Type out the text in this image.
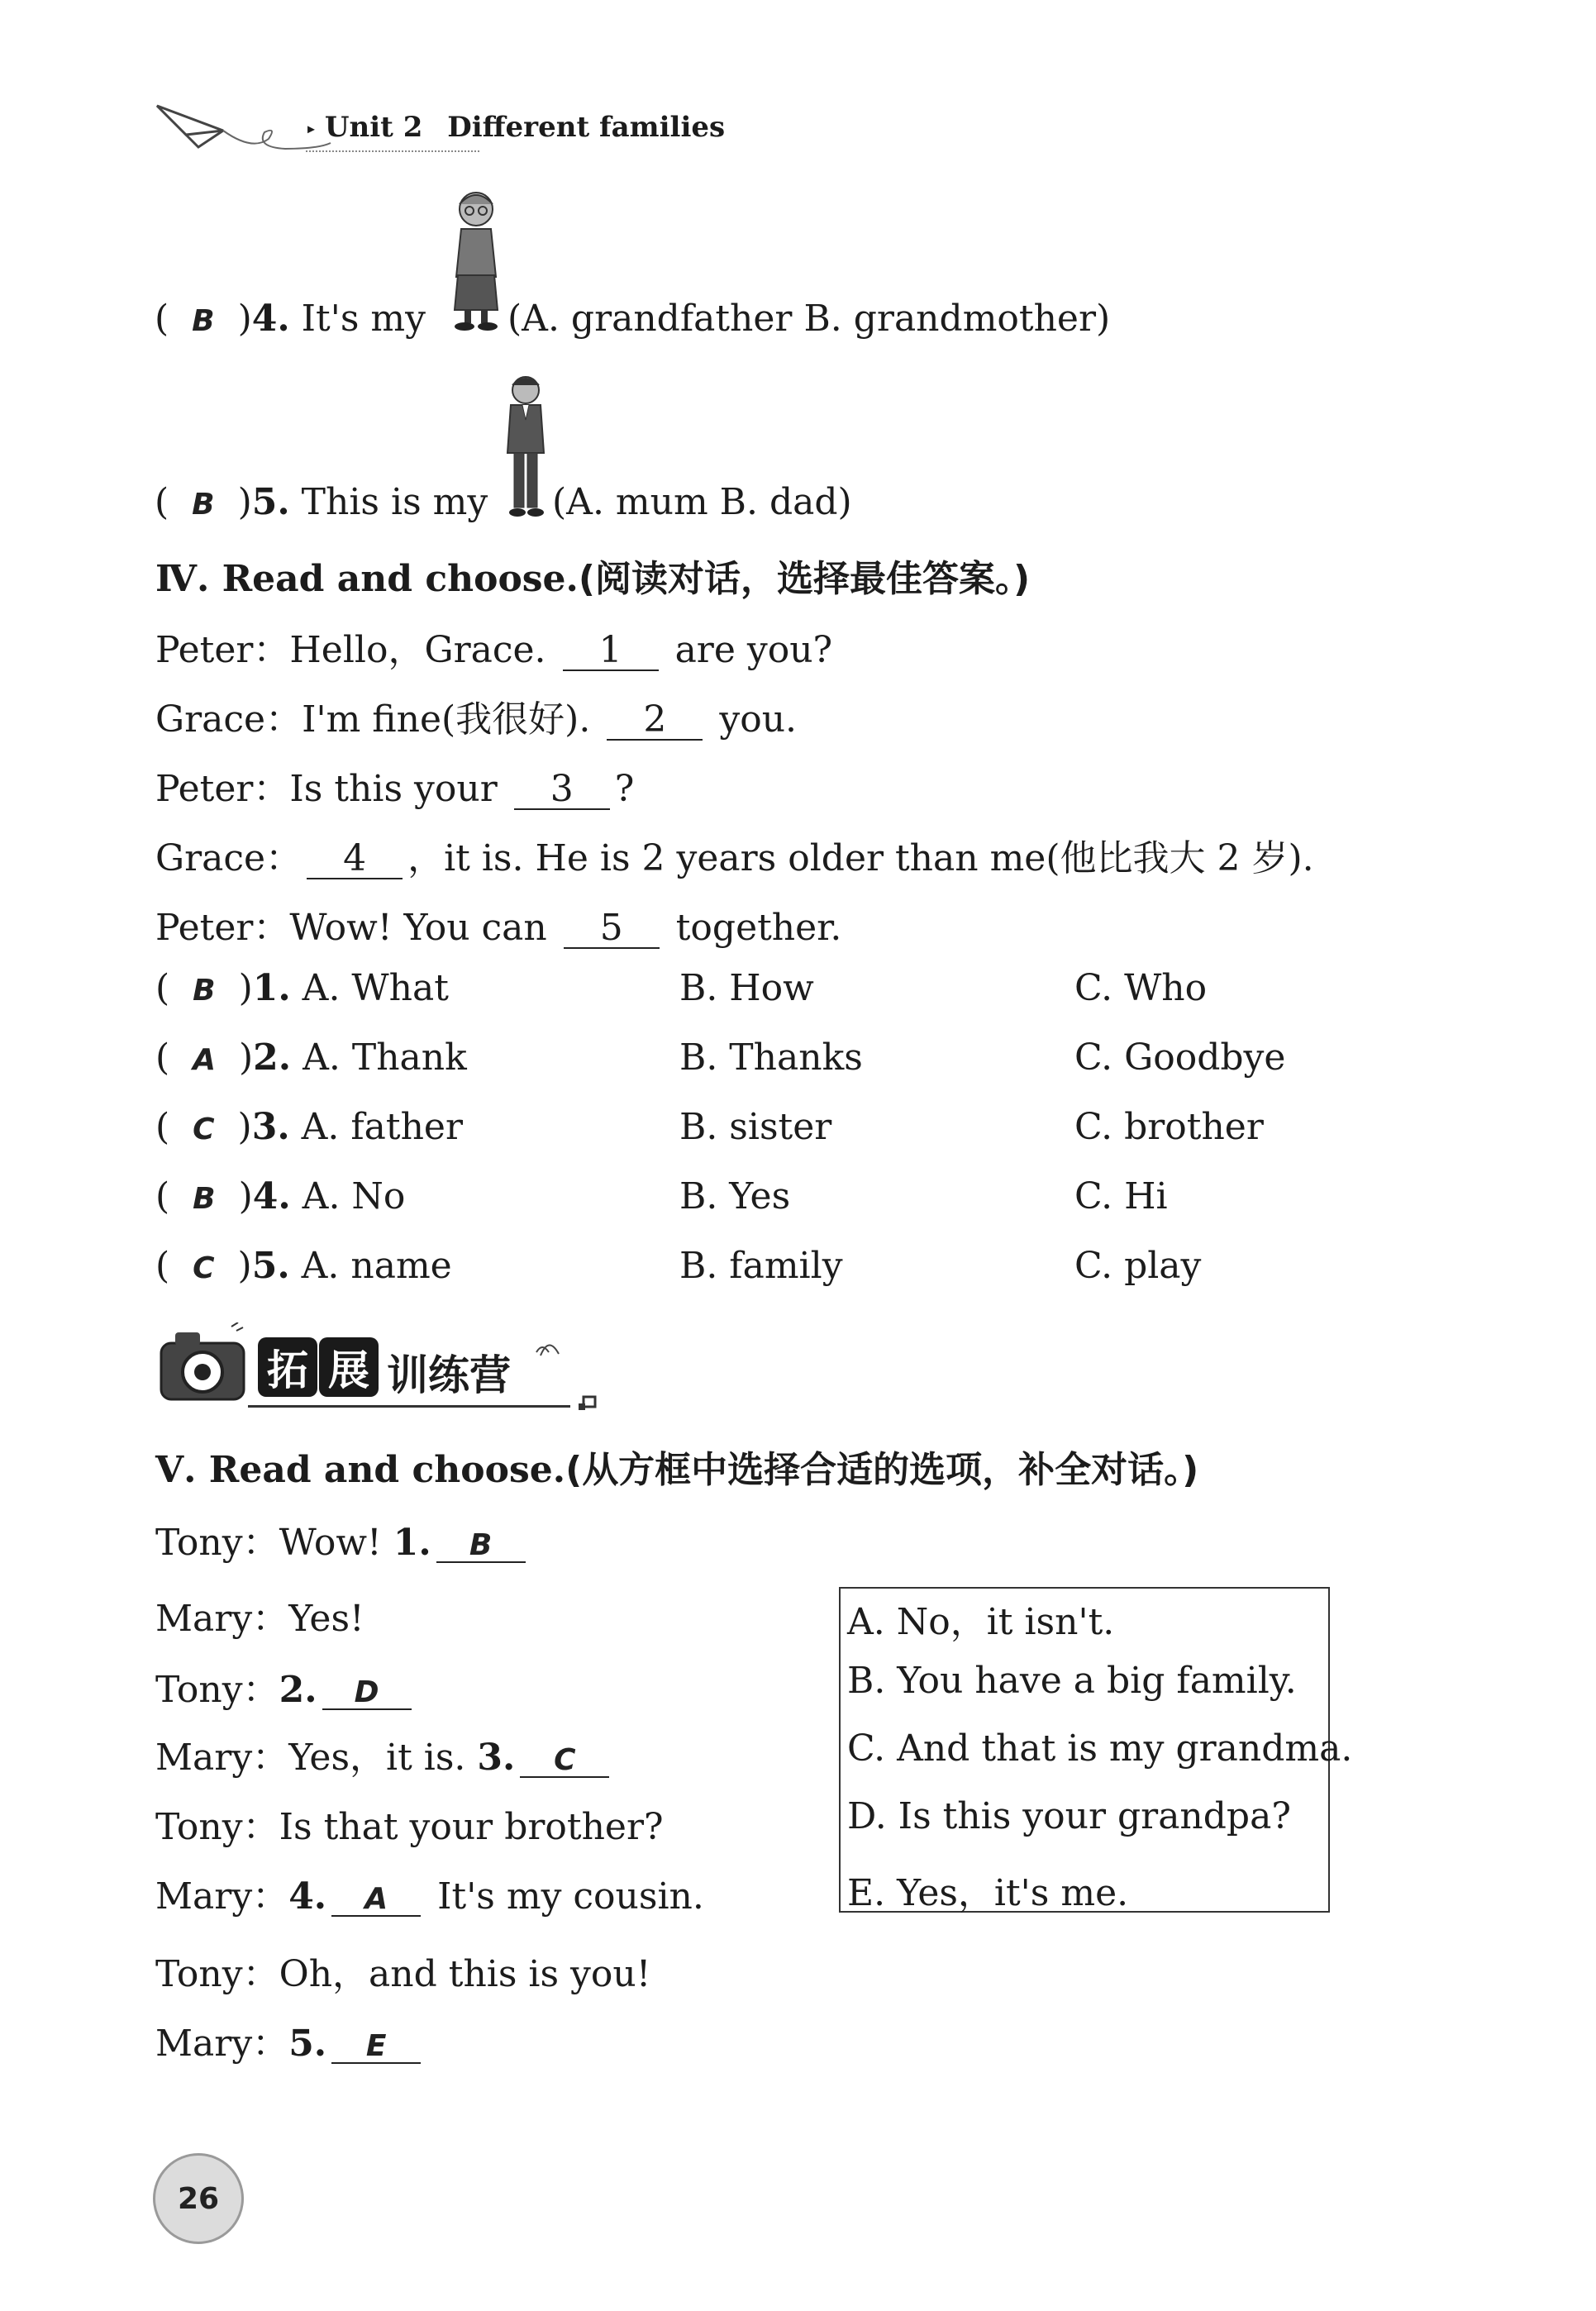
▸ Unit 2 Different families
(  B  )4. It's my (A. grandfather B. grandmother)
(  B  )5. This is my (A. mum B. dad)
Ⅳ. Read and choose.(阅读对话，选择最佳答案。)
Peter：Hello，Grace. 1 are you?
Grace：I'm fine(我很好). 2 you.
Peter：Is this your 3 ?
Grace： 4 ，it is. He is 2 years older than me(他比我大 2 岁).
Peter：Wow! You can 5 together.
(  B  )1. A. What	B. How	C. Who
(  A  )2. A. Thank	B. Thanks	C. Goodbye
(  C  )3. A. father	B. sister	C. brother
(  B  )4. A. No	B. Yes	C. Hi
(  C  )5. A. name	B. family	C. play
拓 展 训练营
Ⅴ. Read and choose.(从方框中选择合适的选项，补全对话。)
Tony：Wow! 1. B
Mary：Yes!
Tony：2. D
Mary：Yes，it is. 3. C
Tony：Is that your brother?
Mary：4. A It's my cousin.
Tony：Oh，and this is you!
Mary：5. E
A. No，it isn't.
B. You have a big family.
C. And that is my grandma.
D. Is this your grandpa?
E. Yes，it's me.
26
